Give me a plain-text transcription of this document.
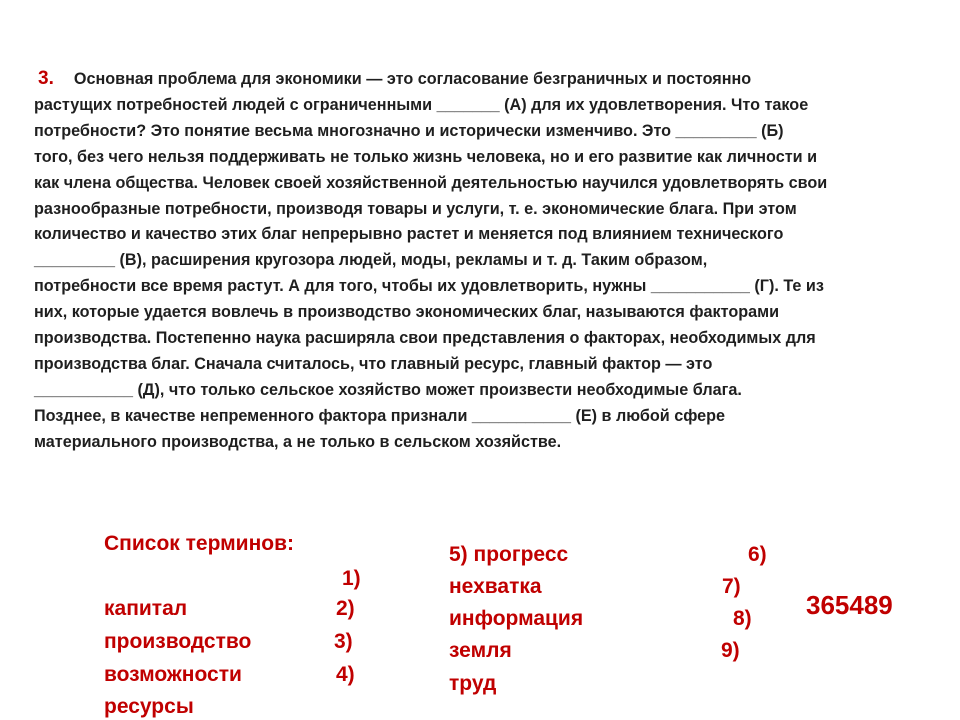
3. Основная проблема для экономики — это согласование безграничных и постоянно
растущих потребностей людей с ограниченными _______ (А) для их удовлетворения. Что такое
потребности? Это понятие весьма многозначно и исторически изменчиво. Это _________ (Б)
того, без чего нельзя поддерживать не только жизнь человека, но и его развитие как личности и
как члена общества. Человек своей хозяйственной деятельностью научился удовлетворять свои
разнообразные потребности, производя товары и услуги, т. е. экономические блага. При этом
количество и качество этих благ непрерывно растет и меняется под влиянием технического
_________ (В), расширения кругозора людей, моды, рекламы и т. д. Таким образом,
потребности все время растут. А для того, чтобы их удовлетворить, нужны ___________ (Г). Те из
них, которые удается вовлечь в производство экономических благ, называются факторами
производства. Постепенно наука расширяла свои представления о факторах, необходимых для
производства благ. Сначала считалось, что главный ресурс, главный фактор — это
___________ (Д), что только сельское хозяйство может произвести необходимые блага.
Позднее, в качестве непременного фактора признали ___________ (Е) в любой сфере
материального производства, а не только в сельском хозяйстве.
Список терминов:
1)
капитал	2)
производство	3)
возможности	4)
ресурсы
5) прогресс	6)
нехватка	7)
информация	8)
земля	9)
труд
365489
